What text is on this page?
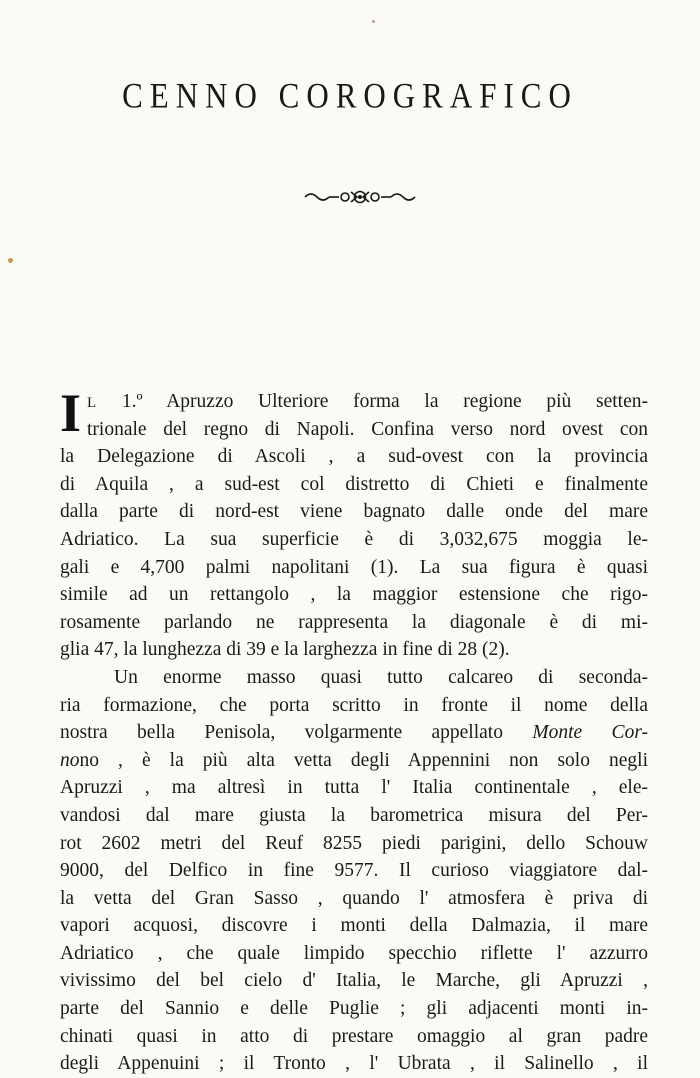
CENNO COROGRAFICO
I L 1.º Apruzzo Ulteriore forma la regione più setten-
trionale del regno di Napoli. Confina verso nord ovest con
la Delegazione di Ascoli , a sud-ovest con la provincia
di Aquila , a sud-est col distretto di Chieti e finalmente
dalla parte di nord-est viene bagnato dalle onde del mare
Adriatico. La sua superficie è di 3,032,675 moggia le-
gali e 4,700 palmi napolitani (1). La sua figura è quasi
simile ad un rettangolo , la maggior estensione che rigo-
rosamente parlando ne rappresenta la diagonale è di mi-
glia 47, la lunghezza di 39 e la larghezza in fine di 28 (2).
Un enorme masso quasi tutto calcareo di seconda-
ria formazione, che porta scritto in fronte il nome della
nostra bella Penisola, volgarmente appellato Monte Cor-
nono , è la più alta vetta degli Appennini non solo negli
Apruzzi , ma altresì in tutta l' Italia continentale , ele-
vandosi dal mare giusta la barometrica misura del Per-
rot 2602 metri del Reuf 8255 piedi parigini, dello Schouw
9000, del Delfico in fine 9577. Il curioso viaggiatore dal-
la vetta del Gran Sasso , quando l' atmosfera è priva di
vapori acquosi, discovre i monti della Dalmazia, il mare
Adriatico , che quale limpido specchio riflette l' azzurro
vivissimo del bel cielo d' Italia, le Marche, gli Apruzzi ,
parte del Sannio e delle Puglie ; gli adjacenti monti in-
chinati quasi in atto di prestare omaggio al gran padre
degli Appenuini ; il Tronto , l' Ubrata , il Salinello , il
